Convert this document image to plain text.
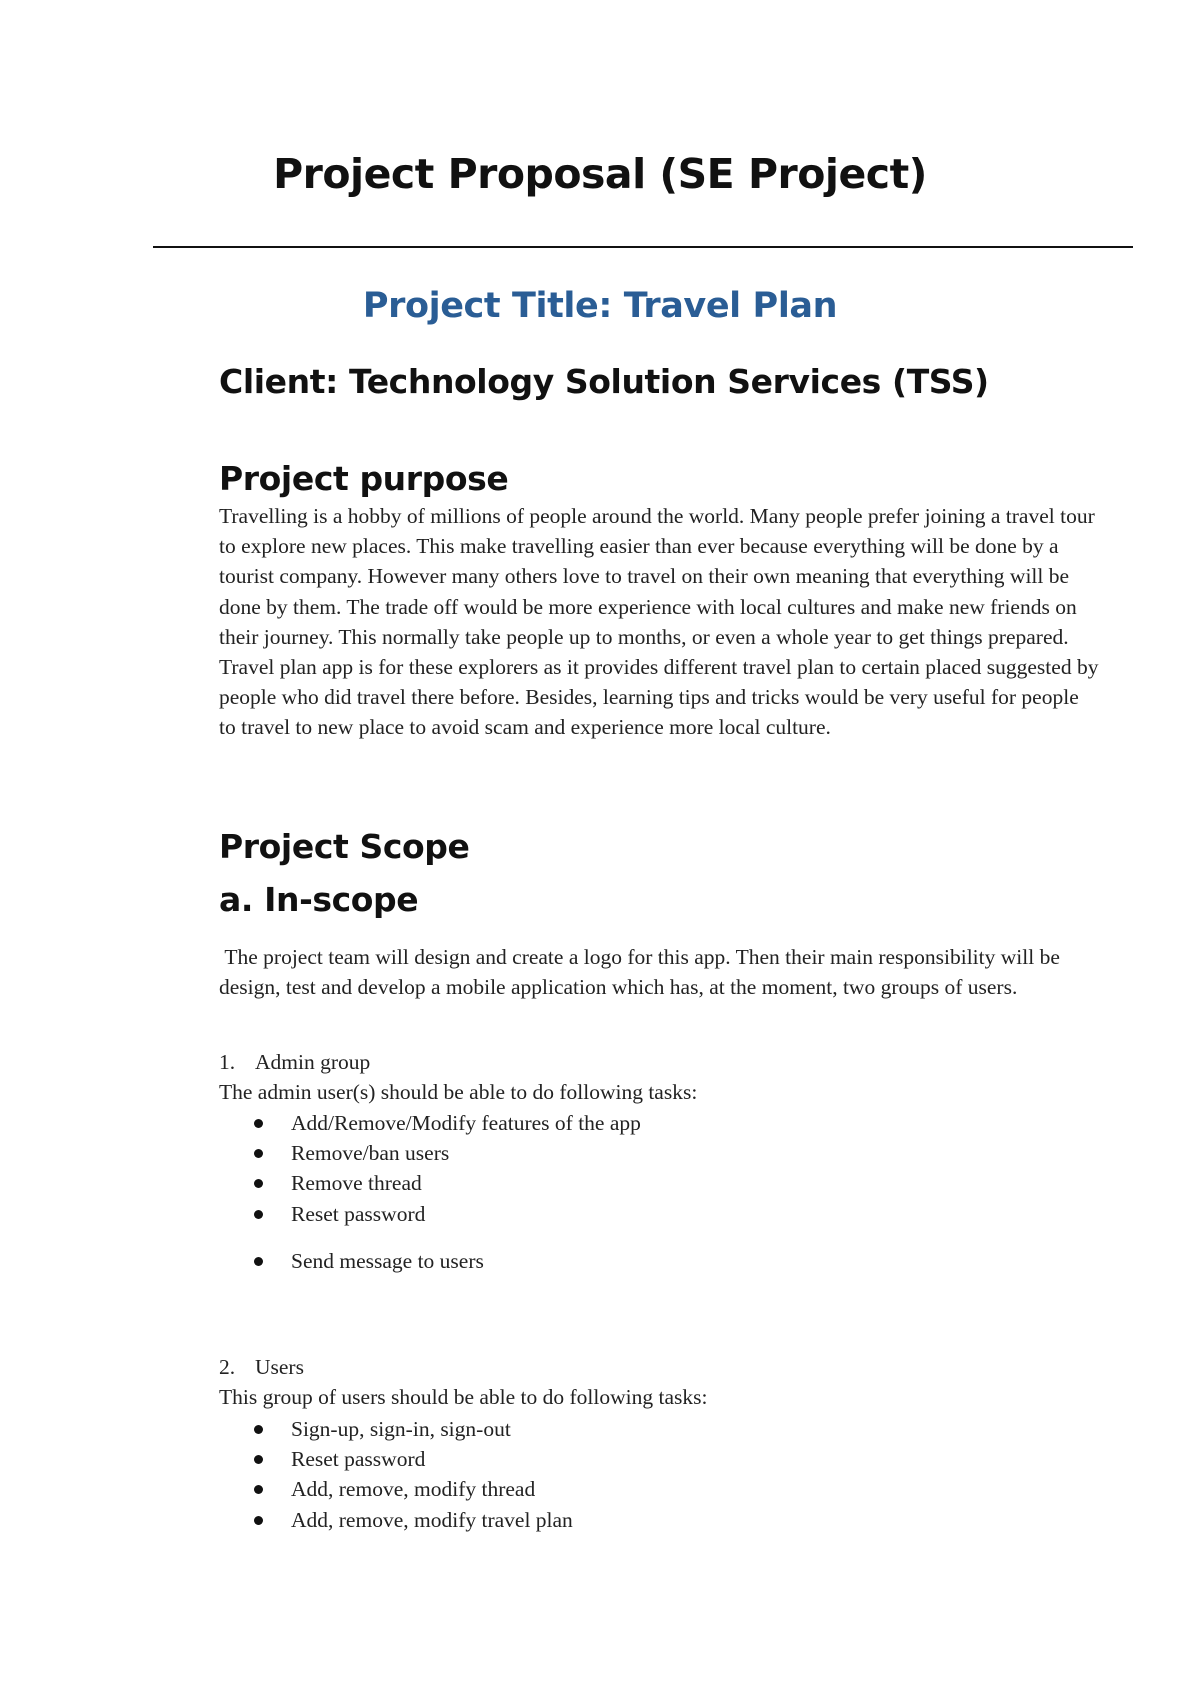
Project Proposal (SE Project)
Project Title: Travel Plan
Client: Technology Solution Services (TSS)
Project purpose

Travelling is a hobby of millions of people around the world. Many people prefer joining a travel tour to explore new places. This make travelling easier than ever because everything will be done by a tourist company. However many others love to travel on their own meaning that everything will be done by them. The trade off would be more experience with local cultures and make new friends on their journey. This normally take people up to months, or even a whole year to get things prepared. Travel plan app is for these explorers as it provides different travel plan to certain placed suggested by people who did travel there before. Besides, learning tips and tricks would be very useful for people to travel to new place to avoid scam and experience more local culture.

Project Scope
a. In-scope

The project team will design and create a logo for this app. Then their main responsibility will be design, test and develop a mobile application which has, at the moment, two groups of users.

1. Admin group

The admin user(s) should be able to do following tasks:

Add/Remove/Modify features of the app
Remove/ban users
Remove thread
Reset password
Send message to users

2. Users

This group of users should be able to do following tasks:

Sign-up, sign-in, sign-out
Reset password
Add, remove, modify thread
Add, remove, modify travel plan
